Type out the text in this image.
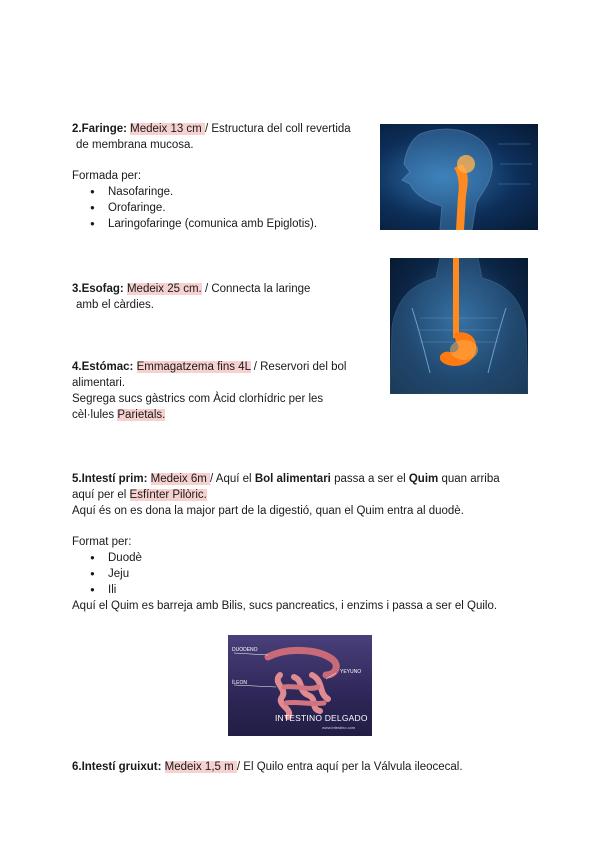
2.Faringe: Medeix 13 cm / Estructura del coll revertida
de membrana mucosa.
Formada per:
● Nasofaringe.
● Orofaringe.
● Laringofaringe (comunica amb Epiglotis).
3.Esofag: Medeix 25 cm. / Connecta la laringe
amb el càrdies.
4.Estómac: Emmagatzema fins 4L / Reservori del bol
alimentari.
Segrega sucs gàstrics com Àcid clorhídric per les
cèl·lules Parietals.
5.Intestí prim: Medeix 6m / Aquí el Bol alimentari passa a ser el Quim quan arriba
aquí per el Esfínter Pilòric.
Aquí és on es dona la major part de la digestió, quan el Quim entra al duodè.
Format per:
● Duodè
● Jeju
● Ili
Aquí el Quim es barreja amb Bilis, sucs pancreatics, i enzims i passa a ser el Quilo.
DUODENO
ÍLEON
YEYUNO
INTESTINO DELGADO
www.intestino.com
6.Intestí gruixut: Medeix 1,5 m / El Quilo entra aquí per la Válvula ileocecal.
